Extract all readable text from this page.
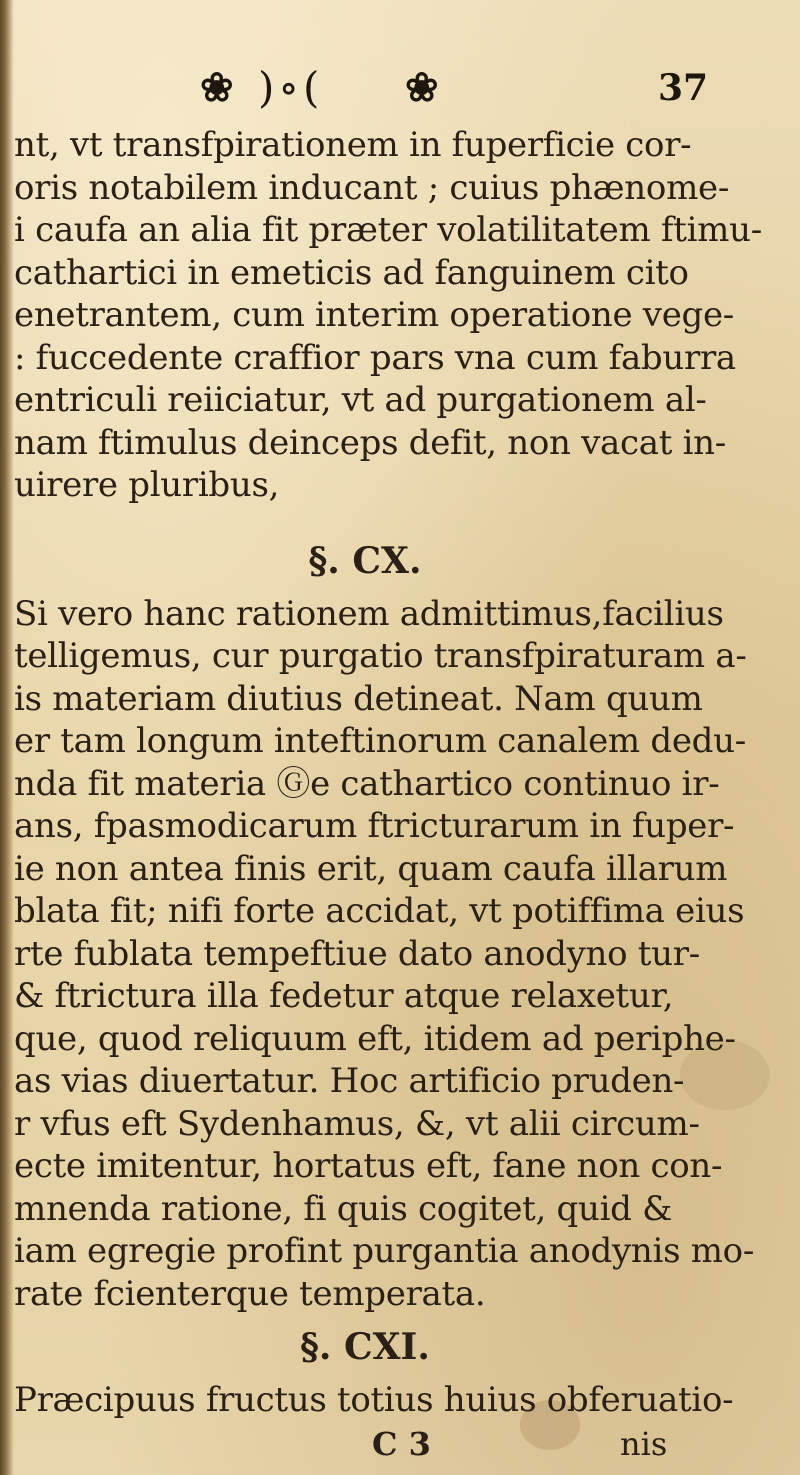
❀ )∘( ❀	37
nt, vt transfpirationem in fuperficie cor-
oris notabilem inducant ; cuius phænome-
i caufa an alia fit præter volatilitatem ftimu-
cathartici in emeticis ad fanguinem cito
enetrantem, cum interim operatione vege-
: fuccedente craffior pars vna cum faburra
entriculi reiiciatur, vt ad purgationem al-
nam ftimulus deinceps defit, non vacat in-
uirere pluribus,
§. CX.
Si vero hanc rationem admittimus,facilius
telligemus, cur purgatio transfpiraturam a-
is materiam diutius detineat. Nam quum
er tam longum inteftinorum canalem dedu-
nda fit materia Ⓖe cathartico continuo ir-
ans, fpasmodicarum ftricturarum in fuper-
ie non antea finis erit, quam caufa illarum
blata fit; nifi forte accidat, vt potiffima eius
rte fublata tempeftiue dato anodyno tur-
& ftrictura illa fedetur atque relaxetur,
que, quod reliquum eft, itidem ad periphe-
as vias diuertatur. Hoc artificio pruden-
r vfus eft Sydenhamus, &, vt alii circum-
ecte imitentur, hortatus eft, fane non con-
mnenda ratione, fi quis cogitet, quid &
iam egregie profint purgantia anodynis mo-
rate fcienterque temperata.
§. CXI.
Præcipuus fructus totius huius obferuatio-
C 3	nis
